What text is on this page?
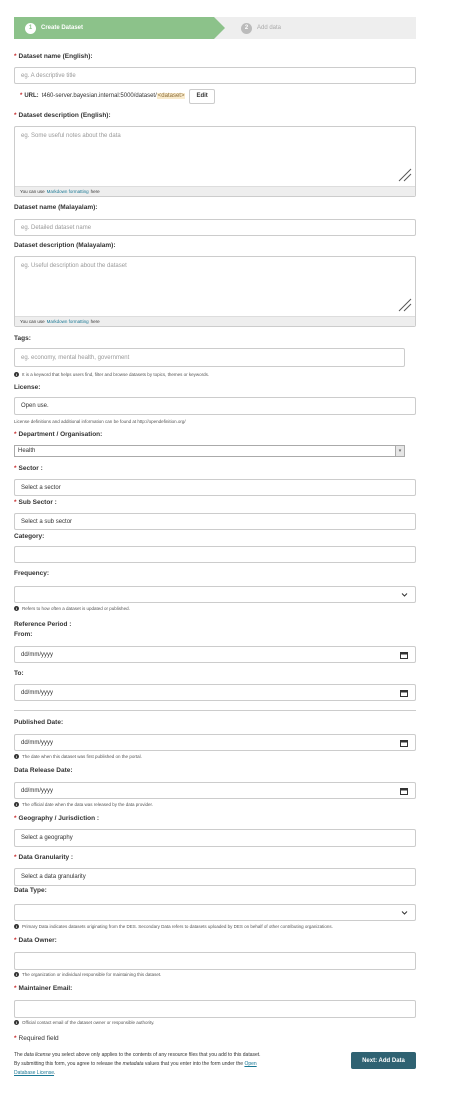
1	Create Dataset	2	Add data
* Dataset name (English):
eg. A descriptive title
* URL: t460-server.bayesian.internal:5000/dataset/ <dataset>	Edit
* Dataset description (English):
eg. Some useful notes about the data
You can use Markdown formatting here
Dataset name (Malayalam):
eg. Detailed dataset name
Dataset description (Malayalam):
eg. Useful description about the dataset
You can use Markdown formatting here
Tags:
eg. economy, mental health, government
i	It is a keyword that helps users find, filter and browse datasets by topics, themes or keywords.
License:
Open use.
License definitions and additional information can be found at http://opendefinition.org/
* Department / Organisation:
Health	▾
* Sector :
Select a sector
* Sub Sector :
Select a sub sector
Category:
Frequency:
i	Refers to how often a dataset is updated or published.
Reference Period :
From:
dd/mm/yyyy
To:
dd/mm/yyyy
Published Date:
dd/mm/yyyy
i	The date when this dataset was first published on the portal.
Data Release Date:
dd/mm/yyyy
i	The official date when the data was released by the data provider.
* Geography / Jurisdiction :
Select a geography
* Data Granularity :
Select a data granularity
Data Type:
i	Primary Data indicates datasets originating from the DES. Secondary Data refers to datasets uploaded by DES on behalf of other contributing organizations.
* Data Owner:
i	The organization or individual responsible for maintaining this dataset.
* Maintainer Email:
i	Official contact email of the dataset owner or responsible authority.
* Required field
The data license you select above only applies to the contents of any resource files that you add to this dataset. By submitting this form, you agree to release the metadata values that you enter into the form under the Open Database License.
Next: Add Data
